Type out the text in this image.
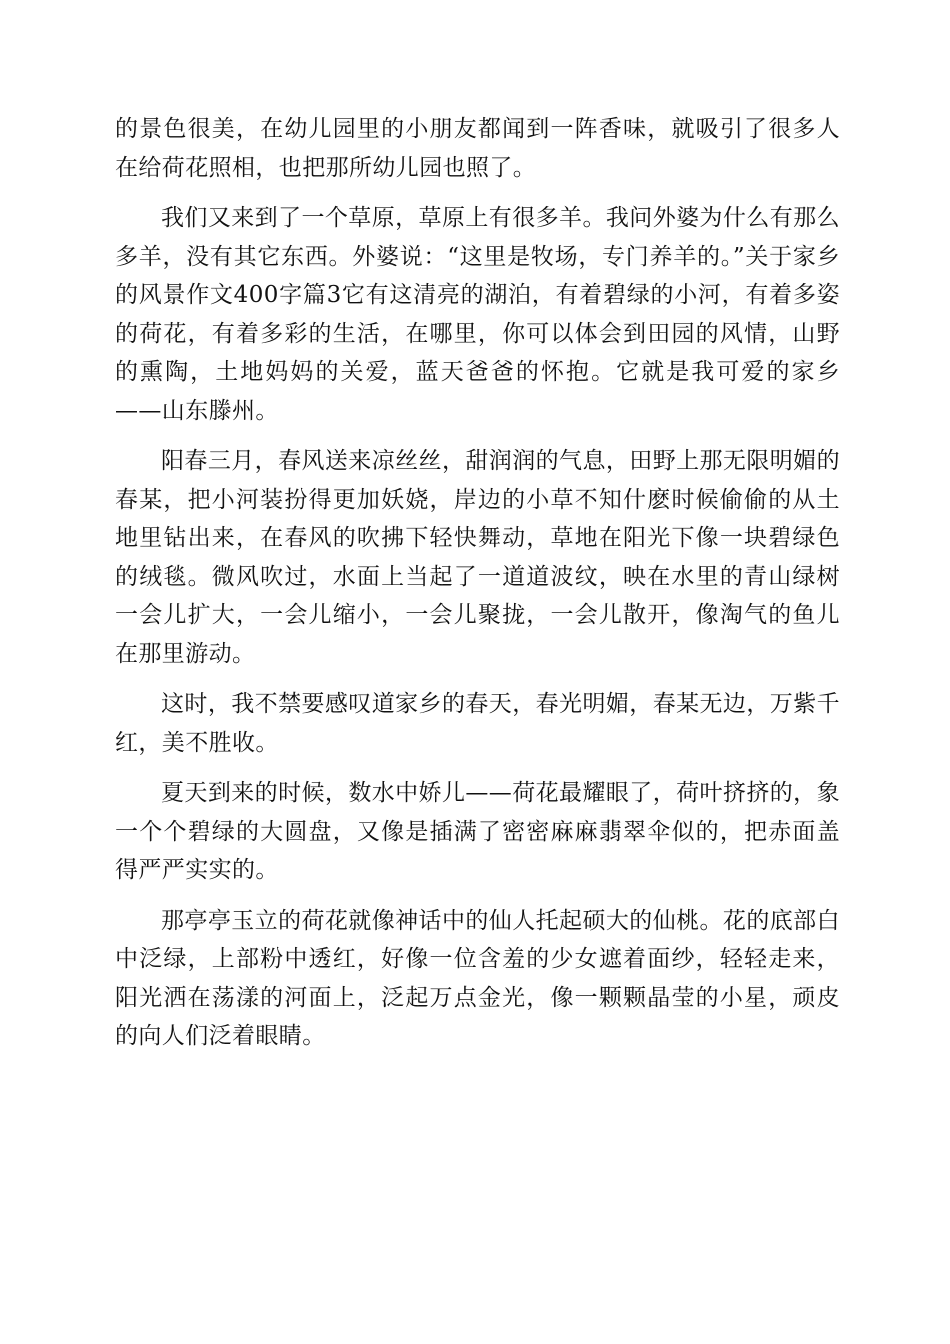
的景色很美，在幼儿园里的小朋友都闻到一阵香味，就吸引了很多人在给荷花照相，也把那所幼儿园也照了。

我们又来到了一个草原，草原上有很多羊。我问外婆为什么有那么多羊，没有其它东西。外婆说：“这里是牧场，专门养羊的。”关于家乡的风景作文400字篇3它有这清亮的湖泊，有着碧绿的小河，有着多姿的荷花，有着多彩的生活，在哪里，你可以体会到田园的风情，山野的熏陶，土地妈妈的关爱，蓝天爸爸的怀抱。它就是我可爱的家乡——山东滕州。

阳春三月，春风送来凉丝丝，甜润润的气息，田野上那无限明媚的春某，把小河装扮得更加妖娆，岸边的小草不知什麽时候偷偷的从土地里钻出来，在春风的吹拂下轻快舞动，草地在阳光下像一块碧绿色的绒毯。微风吹过，水面上当起了一道道波纹，映在水里的青山绿树一会儿扩大，一会儿缩小，一会儿聚拢，一会儿散开，像淘气的鱼儿在那里游动。

这时，我不禁要感叹道家乡的春天，春光明媚，春某无边，万紫千红，美不胜收。

夏天到来的时候，数水中娇儿——荷花最耀眼了，荷叶挤挤的，象一个个碧绿的大圆盘，又像是插满了密密麻麻翡翠伞似的，把赤面盖得严严实实的。

那亭亭玉立的荷花就像神话中的仙人托起硕大的仙桃。花的底部白中泛绿，上部粉中透红，好像一位含羞的少女遮着面纱，轻轻走来，阳光洒在荡漾的河面上，泛起万点金光，像一颗颗晶莹的小星，顽皮的向人们泛着眼睛。
